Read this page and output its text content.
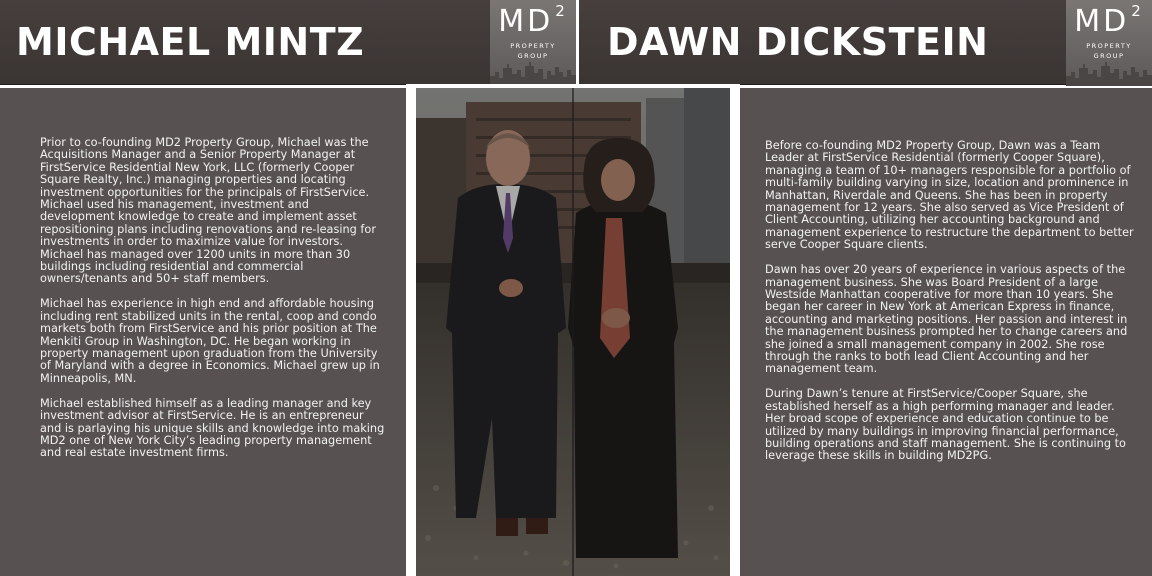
MICHAEL MINTZ	MD $^2$
PROPERTY
GROUP	DAWN DICKSTEIN	MD $^2$
PROPERTY
GROUP

Prior to co-founding MD2 Property Group, Michael was the Acquisitions Manager and a Senior Property Manager at FirstService Residential New York, LLC (formerly Cooper Square Realty, Inc.) managing properties and locating investment opportunities for the principals of FirstService. Michael used his management, investment and development knowledge to create and implement asset repositioning plans including renovations and re-leasing for investments in order to maximize value for investors. Michael has managed over 1200 units in more than 30 buildings including residential and commercial owners/tenants and 50+ staff members.

Michael has experience in high end and affordable housing including rent stabilized units in the rental, coop and condo markets both from FirstService and his prior position at The Menkiti Group in Washington, DC. He began working in property management upon graduation from the University of Maryland with a degree in Economics. Michael grew up in Minneapolis, MN.

Michael established himself as a leading manager and key investment advisor at FirstService. He is an entrepreneur and is parlaying his unique skills and knowledge into making MD2 one of New York City’s leading property management and real estate investment firms.

Before co-founding MD2 Property Group, Dawn was a Team Leader at FirstService Residential (formerly Cooper Square), managing a team of 10+ managers responsible for a portfolio of multi-family building varying in size, location and prominence in Manhattan, Riverdale and Queens. She has been in property management for 12 years. She also served as Vice President of Client Accounting, utilizing her accounting background and management experience to restructure the department to better serve Cooper Square clients.

Dawn has over 20 years of experience in various aspects of the management business. She was Board President of a large Westside Manhattan cooperative for more than 10 years. She began her career in New York at American Express in finance, accounting and marketing positions. Her passion and interest in the management business prompted her to change careers and she joined a small management company in 2002. She rose through the ranks to both lead Client Accounting and her management team.

During Dawn’s tenure at FirstService/Cooper Square, she established herself as a high performing manager and leader. Her broad scope of experience and education continue to be utilized by many buildings in improving financial performance, building operations and staff management. She is continuing to leverage these skills in building MD2PG.
